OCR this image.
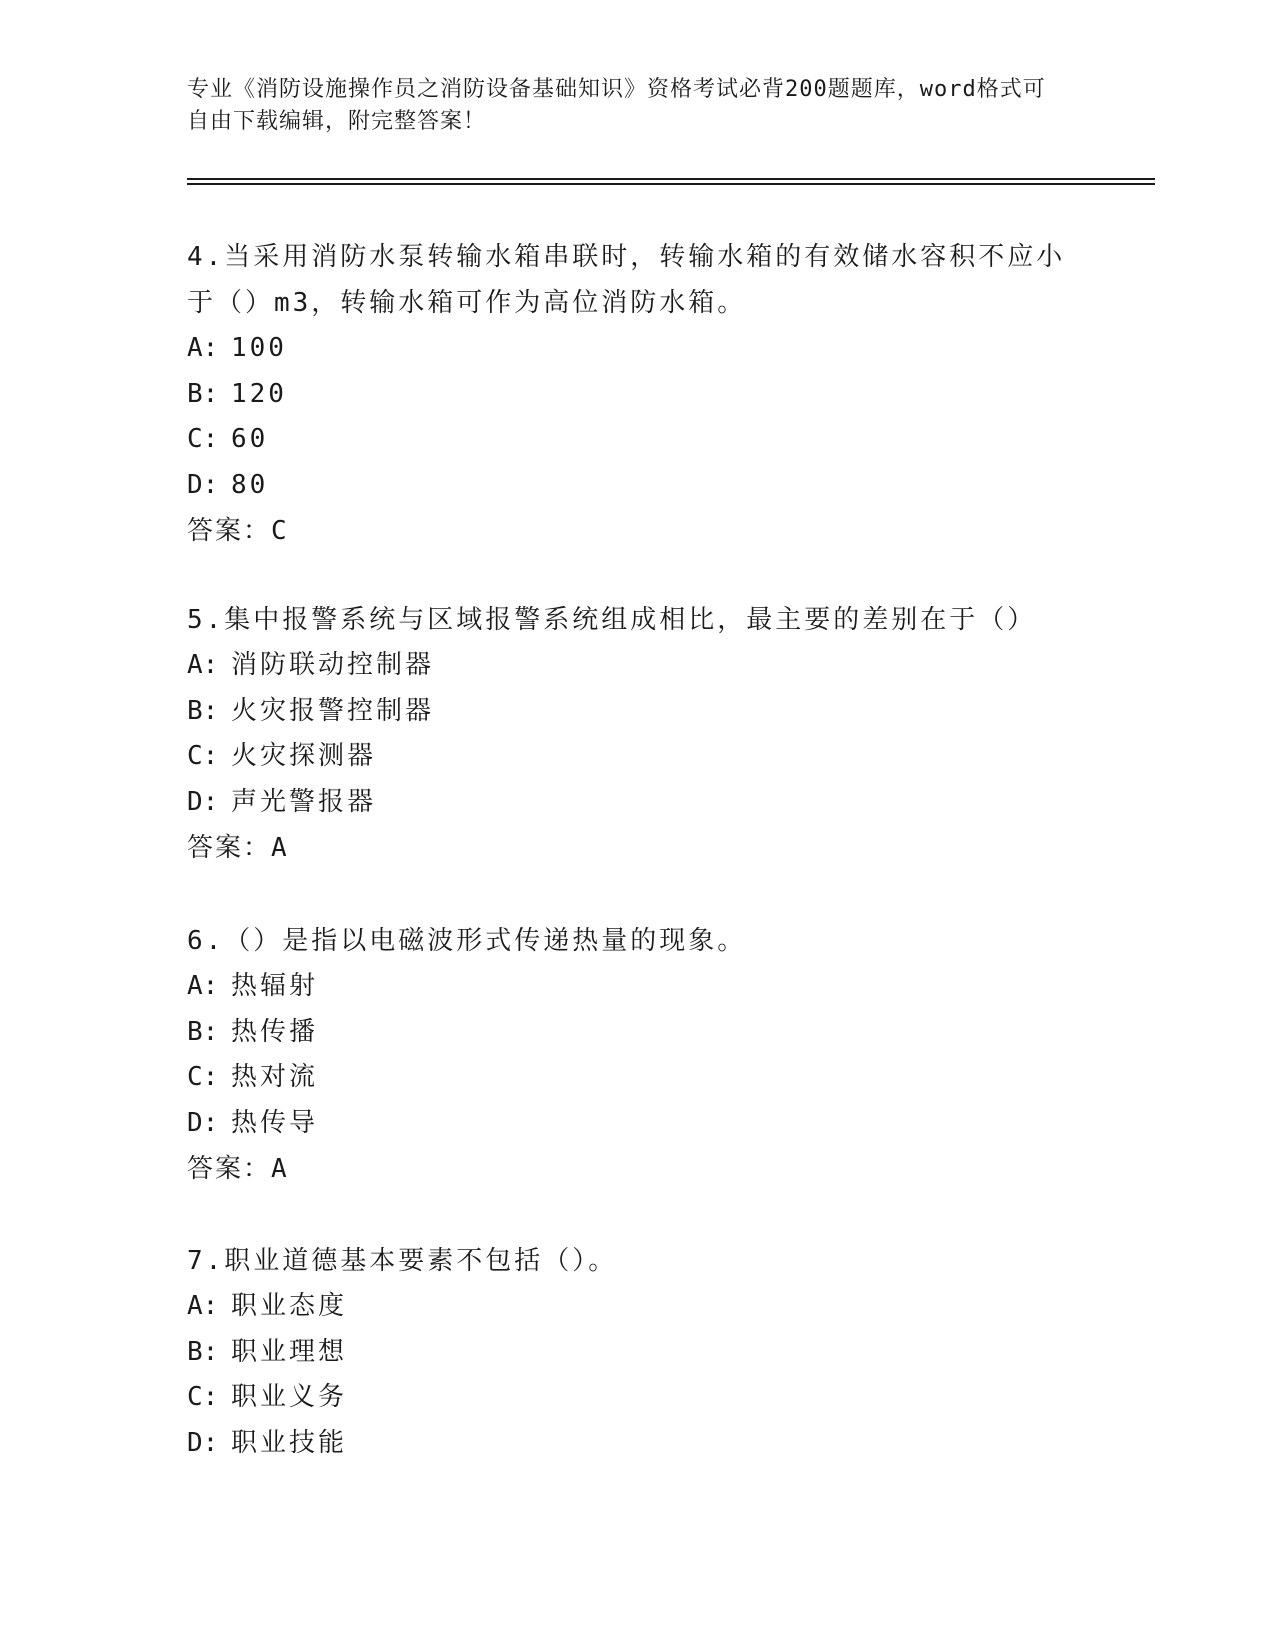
专业《消防设施操作员之消防设备基础知识》资格考试必背200题题库，word格式可自由下载编辑，附完整答案！
4.当采用消防水泵转输水箱串联时，转输水箱的有效储水容积不应小于（）m3，转输水箱可作为高位消防水箱。
A: 100
B: 120
C: 60
D: 80
答案：C
5.集中报警系统与区域报警系统组成相比，最主要的差别在于（）
A: 消防联动控制器
B: 火灾报警控制器
C: 火灾探测器
D: 声光警报器
答案：A
6.（）是指以电磁波形式传递热量的现象。
A: 热辐射
B: 热传播
C: 热对流
D: 热传导
答案：A
7.职业道德基本要素不包括（）。
A: 职业态度
B: 职业理想
C: 职业义务
D: 职业技能
